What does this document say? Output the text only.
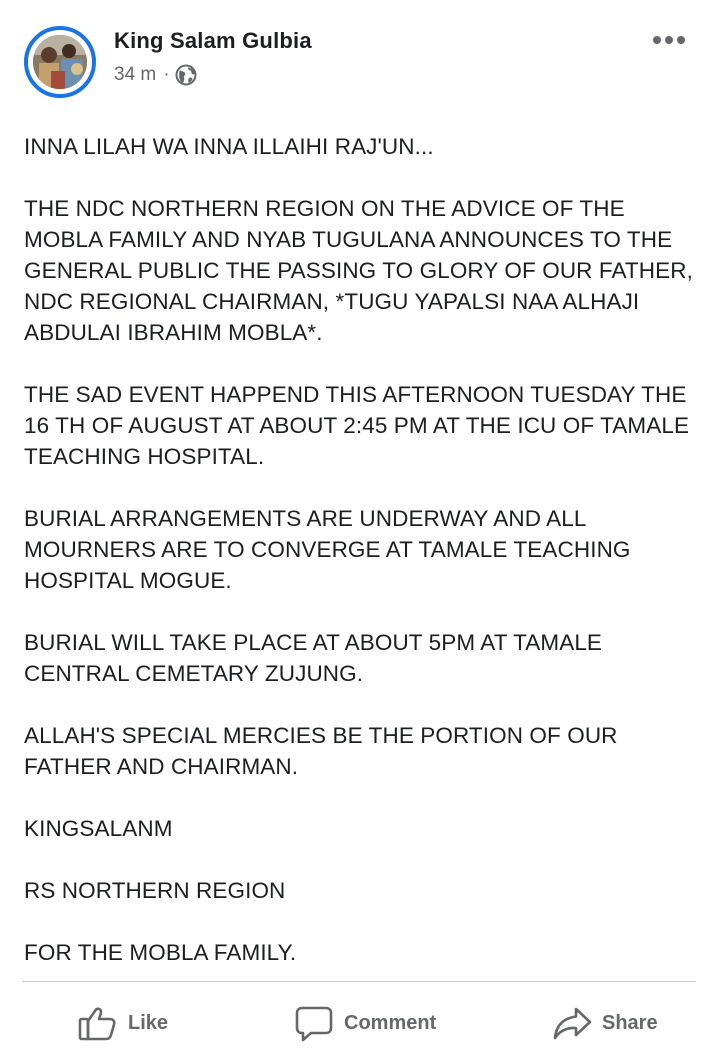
King Salam Gulbia
34 m ·

INNA LILAH WA INNA ILLAIHI RAJ'UN...

THE NDC NORTHERN REGION ON THE ADVICE OF THE MOBLA FAMILY AND NYAB TUGULANA ANNOUNCES TO THE GENERAL PUBLIC THE PASSING TO GLORY OF OUR FATHER, NDC REGIONAL CHAIRMAN, *TUGU YAPALSI NAA ALHAJI ABDULAI IBRAHIM MOBLA*.

THE SAD EVENT HAPPEND THIS AFTERNOON TUESDAY THE 16 TH OF AUGUST AT ABOUT 2:45 PM AT THE ICU OF TAMALE TEACHING HOSPITAL.

BURIAL ARRANGEMENTS ARE UNDERWAY AND ALL MOURNERS ARE TO CONVERGE AT TAMALE TEACHING HOSPITAL MOGUE.

BURIAL WILL TAKE PLACE AT ABOUT 5PM AT TAMALE CENTRAL CEMETARY ZUJUNG.

ALLAH'S SPECIAL MERCIES BE THE PORTION OF OUR FATHER AND CHAIRMAN.

KINGSALANM

RS NORTHERN REGION

FOR THE MOBLA FAMILY.

Like	Comment	Share
